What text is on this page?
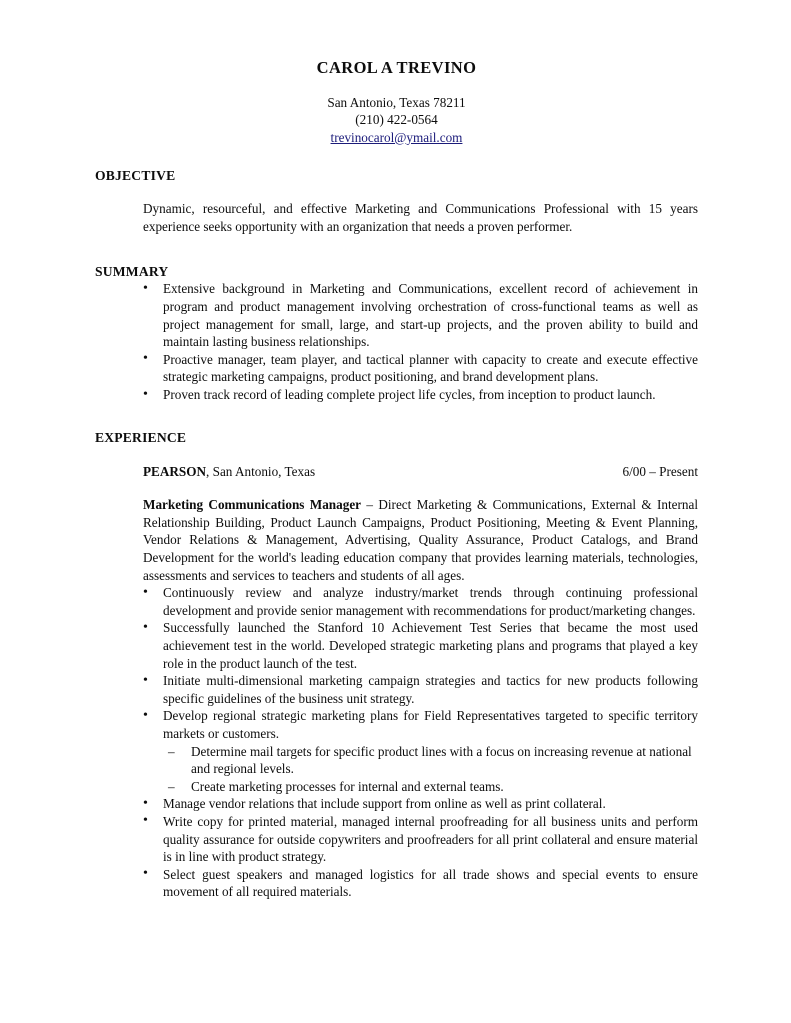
CAROL A TREVINO
San Antonio, Texas 78211
(210) 422-0564
trevinocarol@ymail.com
OBJECTIVE
Dynamic, resourceful, and effective Marketing and Communications Professional with 15 years experience seeks opportunity with an organization that needs a proven performer.
SUMMARY
• Extensive background in Marketing and Communications, excellent record of achievement in program and product management involving orchestration of cross-functional teams as well as project management for small, large, and start-up projects, and the proven ability to build and maintain lasting business relationships.
• Proactive manager, team player, and tactical planner with capacity to create and execute effective strategic marketing campaigns, product positioning, and brand development plans.
• Proven track record of leading complete project life cycles, from inception to product launch.
EXPERIENCE
PEARSON, San Antonio, Texas	6/00 – Present
Marketing Communications Manager – Direct Marketing & Communications, External & Internal Relationship Building, Product Launch Campaigns, Product Positioning, Meeting & Event Planning, Vendor Relations & Management, Advertising, Quality Assurance, Product Catalogs, and Brand Development for the world's leading education company that provides learning materials, technologies, assessments and services to teachers and students of all ages.
• Continuously review and analyze industry/market trends through continuing professional development and provide senior management with recommendations for product/marketing changes.
• Successfully launched the Stanford 10 Achievement Test Series that became the most used achievement test in the world. Developed strategic marketing plans and programs that played a key role in the product launch of the test.
• Initiate multi-dimensional marketing campaign strategies and tactics for new products following specific guidelines of the business unit strategy.
• Develop regional strategic marketing plans for Field Representatives targeted to specific territory markets or customers.
– Determine mail targets for specific product lines with a focus on increasing revenue at national and regional levels.
– Create marketing processes for internal and external teams.
• Manage vendor relations that include support from online as well as print collateral.
• Write copy for printed material, managed internal proofreading for all business units and perform quality assurance for outside copywriters and proofreaders for all print collateral and ensure material is in line with product strategy.
• Select guest speakers and managed logistics for all trade shows and special events to ensure movement of all required materials.
